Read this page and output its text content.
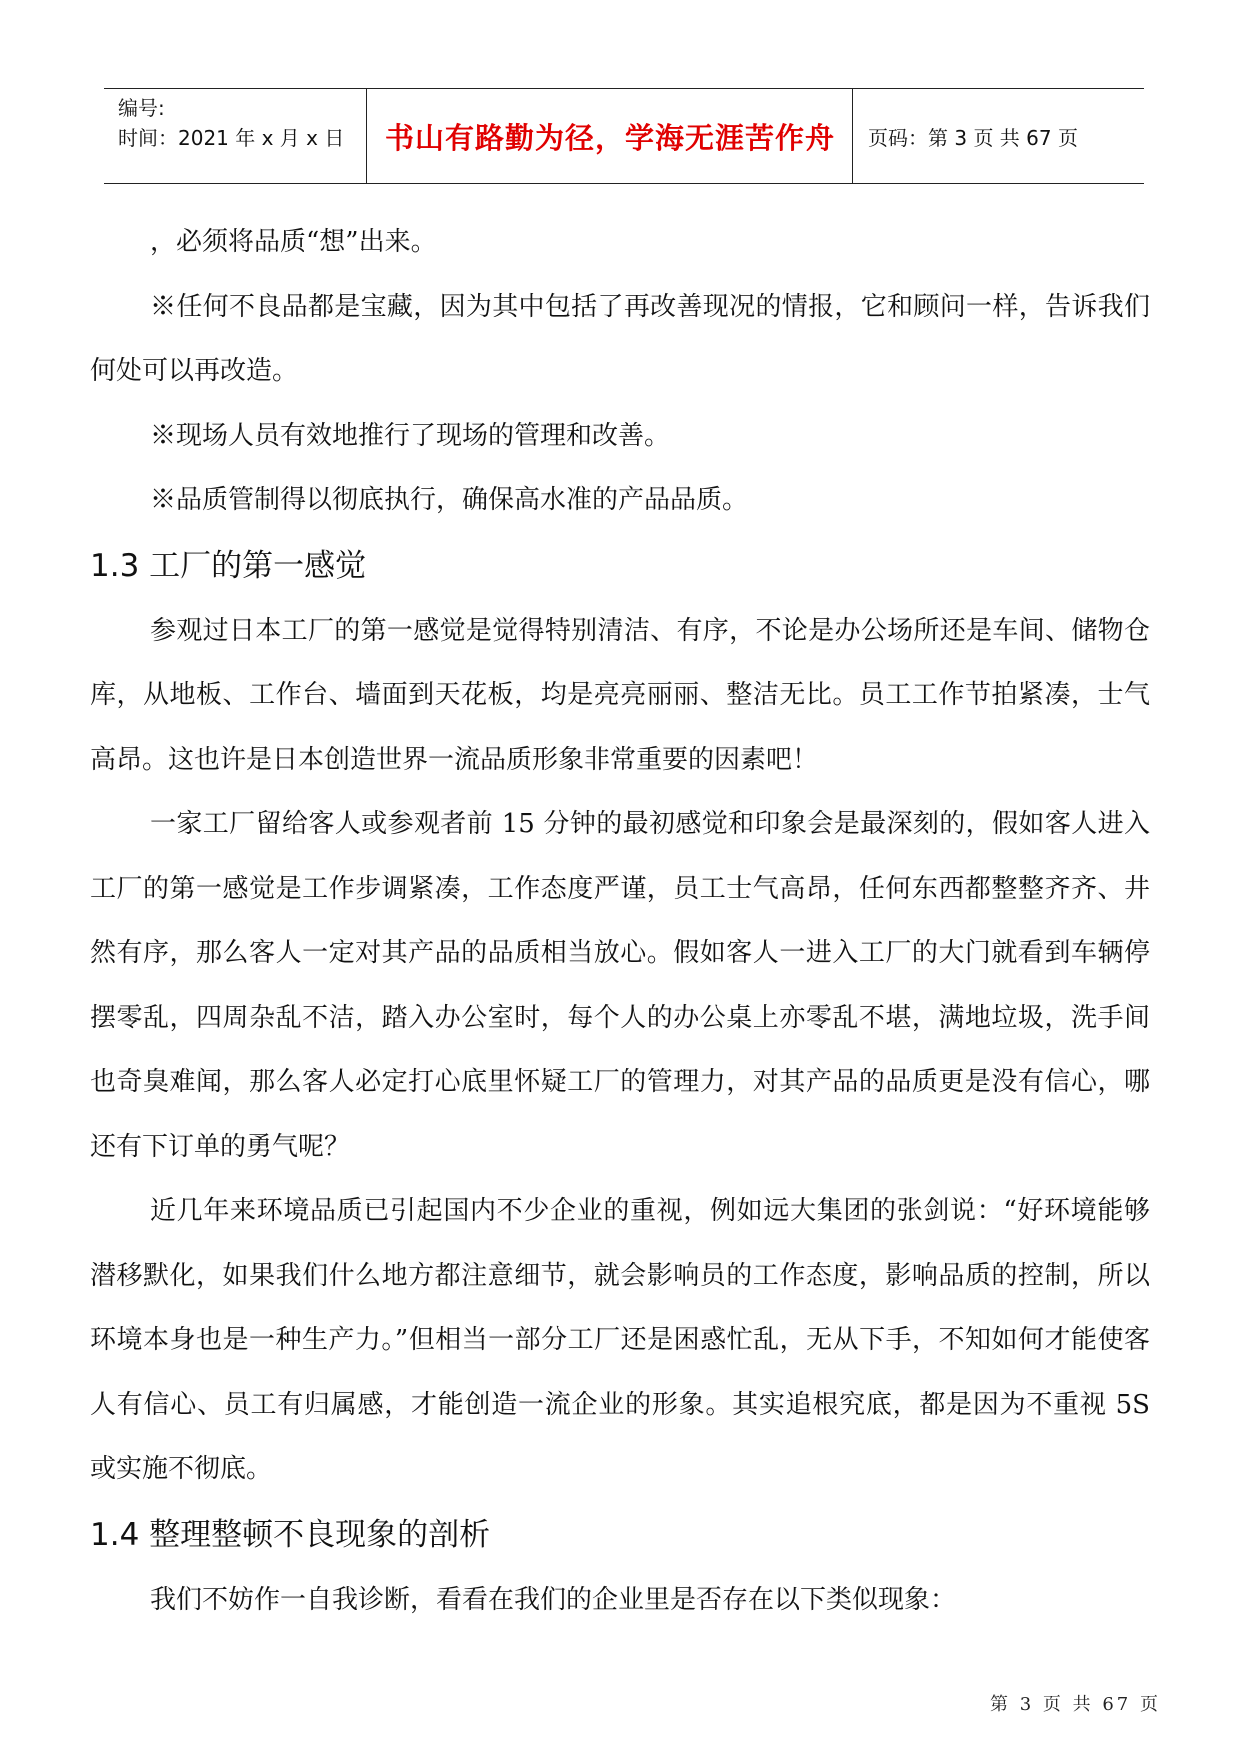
编号:
时间：2021 年 x 月 x 日	书山有路勤为径，学海无涯苦作舟	页码：第 3 页 共 67 页

，必须将品质“想”出来。

※任何不良品都是宝藏，因为其中包括了再改善现况的情报，它和顾问一样，告诉我们何处可以再改造。

※现场人员有效地推行了现场的管理和改善。

※品质管制得以彻底执行，确保高水准的产品品质。

1.3 工厂的第一感觉

参观过日本工厂的第一感觉是觉得特别清洁、有序，不论是办公场所还是车间、储物仓库，从地板、工作台、墙面到天花板，均是亮亮丽丽、整洁无比。员工工作节拍紧凑，士气高昂。这也许是日本创造世界一流品质形象非常重要的因素吧！

一家工厂留给客人或参观者前 15 分钟的最初感觉和印象会是最深刻的，假如客人进入工厂的第一感觉是工作步调紧凑，工作态度严谨，员工士气高昂，任何东西都整整齐齐、井然有序，那么客人一定对其产品的品质相当放心。假如客人一进入工厂的大门就看到车辆停摆零乱，四周杂乱不洁，踏入办公室时，每个人的办公桌上亦零乱不堪，满地垃圾，洗手间也奇臭难闻，那么客人必定打心底里怀疑工厂的管理力，对其产品的品质更是没有信心，哪还有下订单的勇气呢？

近几年来环境品质已引起国内不少企业的重视，例如远大集团的张剑说：“好环境能够潜移默化，如果我们什么地方都注意细节，就会影响员的工作态度，影响品质的控制，所以环境本身也是一种生产力。”但相当一部分工厂还是困惑忙乱，无从下手，不知如何才能使客人有信心、员工有归属感，才能创造一流企业的形象。其实追根究底，都是因为不重视 5S 或实施不彻底。

1.4 整理整顿不良现象的剖析

我们不妨作一自我诊断，看看在我们的企业里是否存在以下类似现象：

第 3 页 共 67 页
